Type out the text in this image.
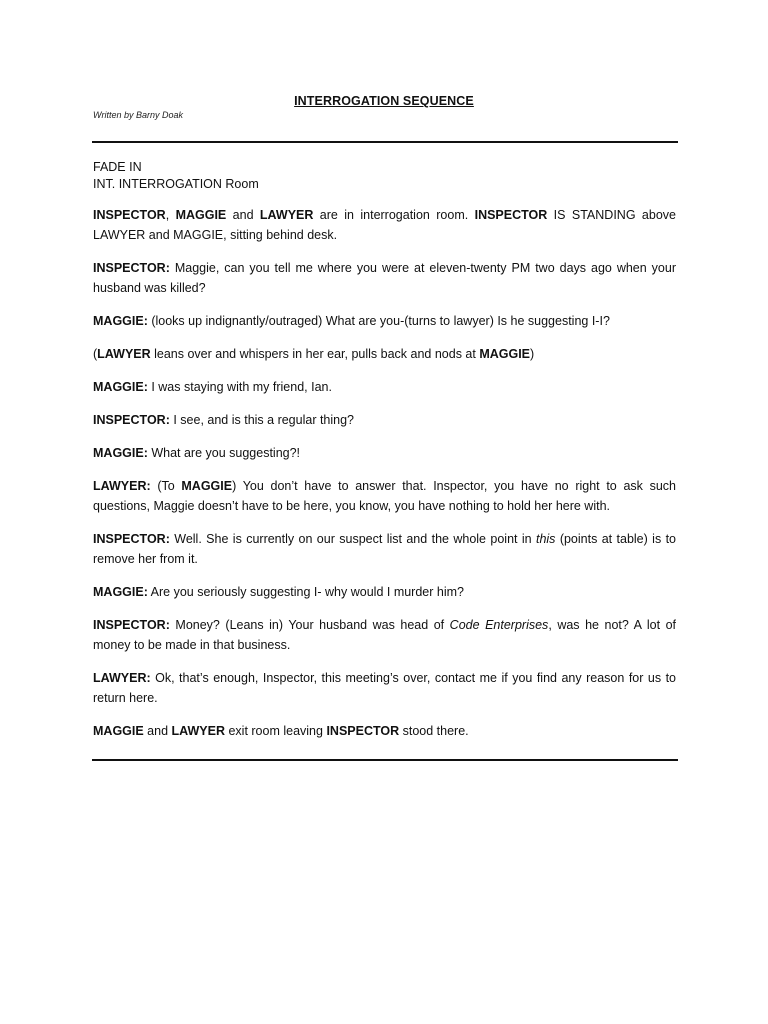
INTERROGATION SEQUENCE
Written by Barny Doak
FADE IN
INT. INTERROGATION Room

INSPECTOR, MAGGIE and LAWYER are in interrogation room. INSPECTOR IS STANDING above LAWYER and MAGGIE, sitting behind desk.

INSPECTOR: Maggie, can you tell me where you were at eleven-twenty PM two days ago when your husband was killed?

MAGGIE: (looks up indignantly/outraged) What are you-(turns to lawyer) Is he suggesting I-I?

(LAWYER leans over and whispers in her ear, pulls back and nods at MAGGIE)

MAGGIE: I was staying with my friend, Ian.

INSPECTOR: I see, and is this a regular thing?

MAGGIE: What are you suggesting?!

LAWYER: (To MAGGIE) You don’t have to answer that. Inspector, you have no right to ask such questions, Maggie doesn’t have to be here, you know, you have nothing to hold her here with.

INSPECTOR: Well. She is currently on our suspect list and the whole point in this (points at table) is to remove her from it.

MAGGIE: Are you seriously suggesting I- why would I murder him?

INSPECTOR: Money? (Leans in) Your husband was head of Code Enterprises, was he not? A lot of money to be made in that business.

LAWYER: Ok, that’s enough, Inspector, this meeting’s over, contact me if you find any reason for us to return here.

MAGGIE and LAWYER exit room leaving INSPECTOR stood there.
